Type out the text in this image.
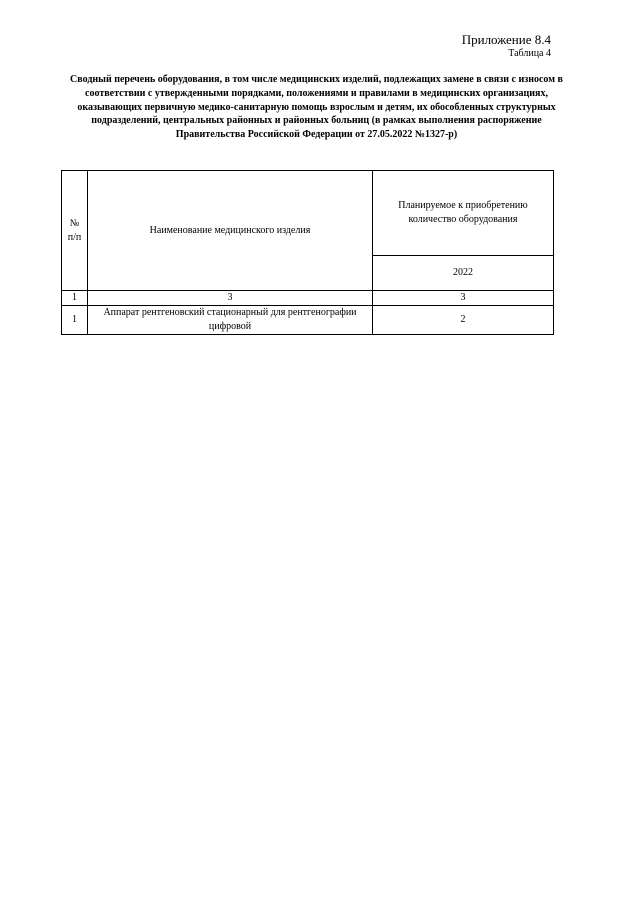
Приложение 8.4
Таблица 4
Сводный перечень оборудования, в том числе медицинских изделий, подлежащих замене в связи с износом в соответствии с утвержденными порядками, положениями и правилами в медицинских организациях, оказывающих первичную медико-санитарную помощь взрослым и детям, их обособленных структурных подразделений, центральных районных и районных больниц (в рамках выполнения распоряжение Правительства Российской Федерации от 27.05.2022 №1327-р)
№ п/п	Наименование медицинского изделия	Планируемое к приобретению количество оборудования
		2022
1	3	3
1	Аппарат рентгеновский стационарный для рентгенографии цифровой	2
